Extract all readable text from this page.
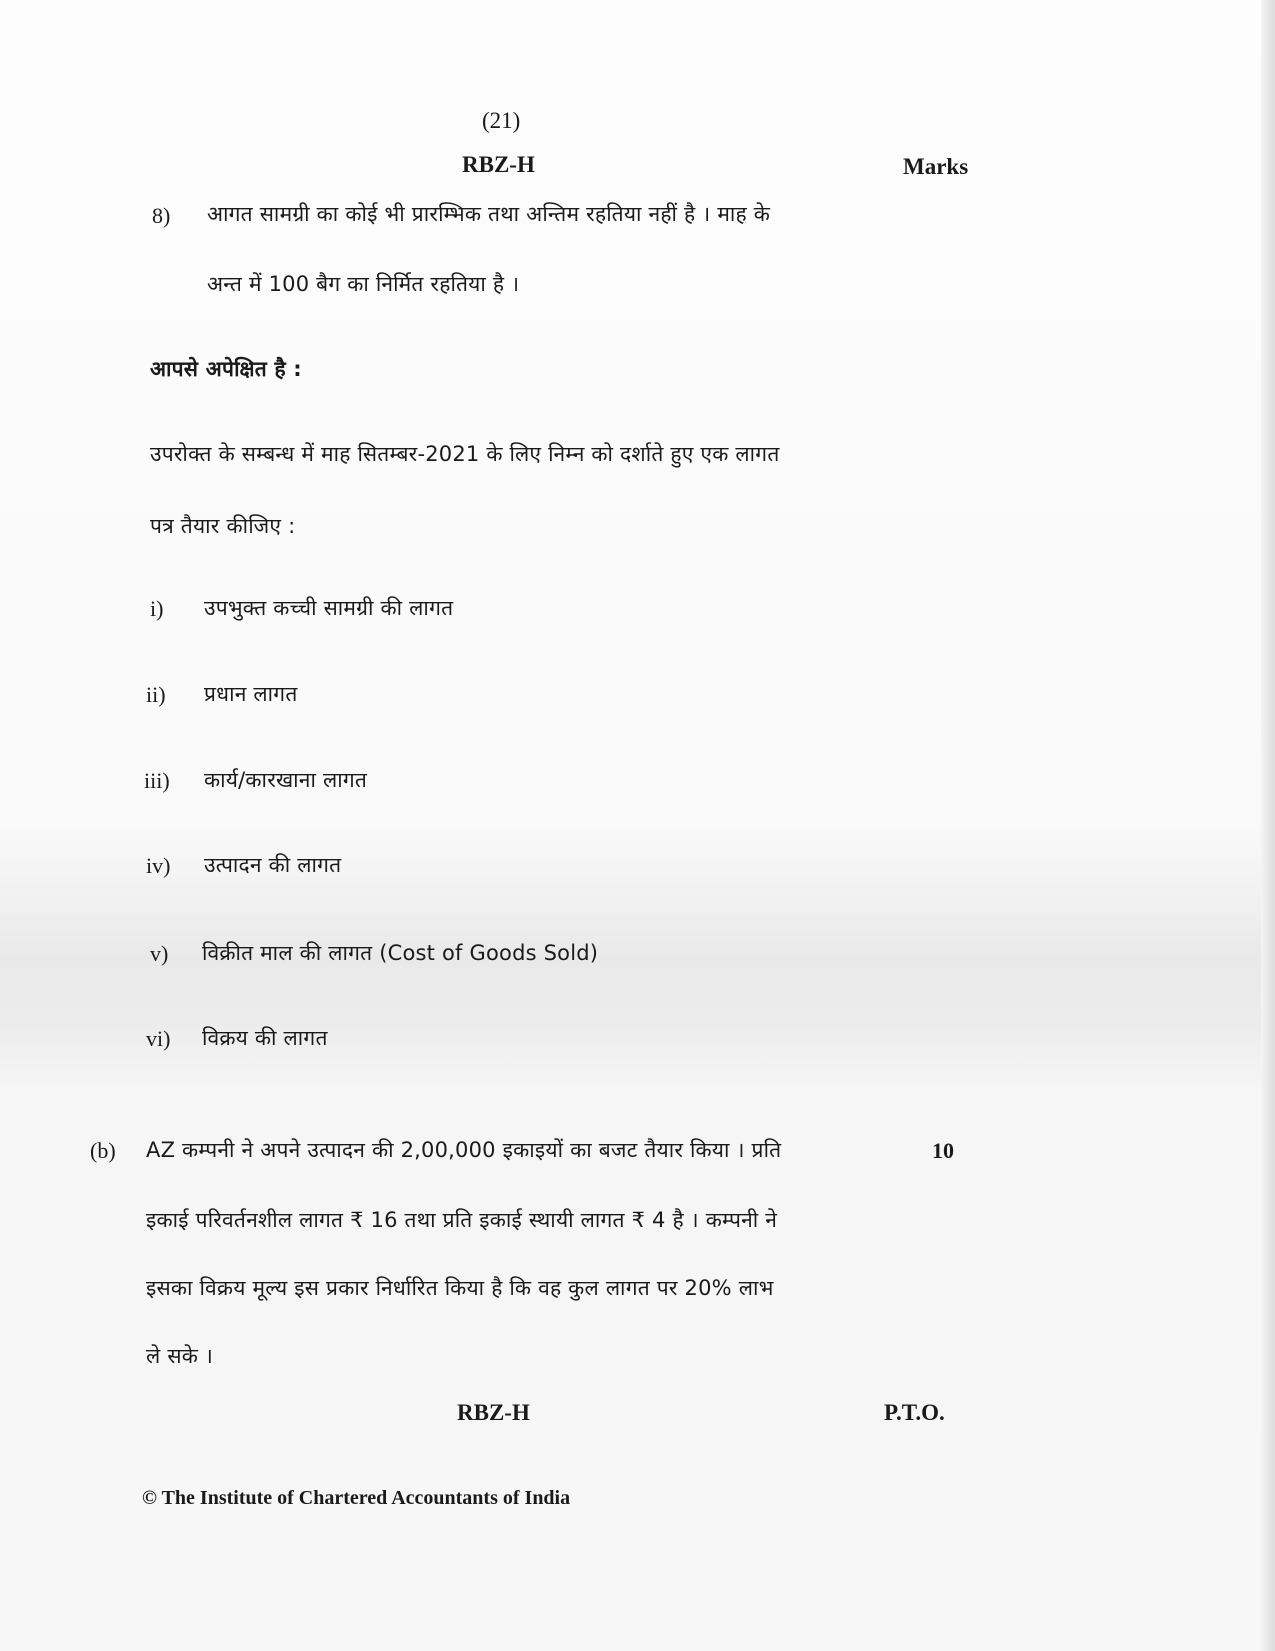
(21)
RBZ-H	Marks
8) आगत सामग्री का कोई भी प्रारम्भिक तथा अन्तिम रहतिया नहीं है । माह के
अन्त में 100 बैग का निर्मित रहतिया है ।
आपसे अपेक्षित है :
उपरोक्त के सम्बन्ध में माह सितम्बर-2021 के लिए निम्न को दर्शाते हुए एक लागत
पत्र तैयार कीजिए :
i) उपभुक्त कच्ची सामग्री की लागत
ii) प्रधान लागत
iii) कार्य/कारखाना लागत
iv) उत्पादन की लागत
v) विक्रीत माल की लागत (Cost of Goods Sold)
vi) विक्रय की लागत
(b)	10
AZ कम्पनी ने अपने उत्पादन की 2,00,000 इकाइयों का बजट तैयार किया । प्रति
इकाई परिवर्तनशील लागत ₹ 16 तथा प्रति इकाई स्थायी लागत ₹ 4 है । कम्पनी ने
इसका विक्रय मूल्य इस प्रकार निर्धारित किया है कि वह कुल लागत पर 20% लाभ
ले सके ।
RBZ-H	P.T.O.
© The Institute of Chartered Accountants of India
